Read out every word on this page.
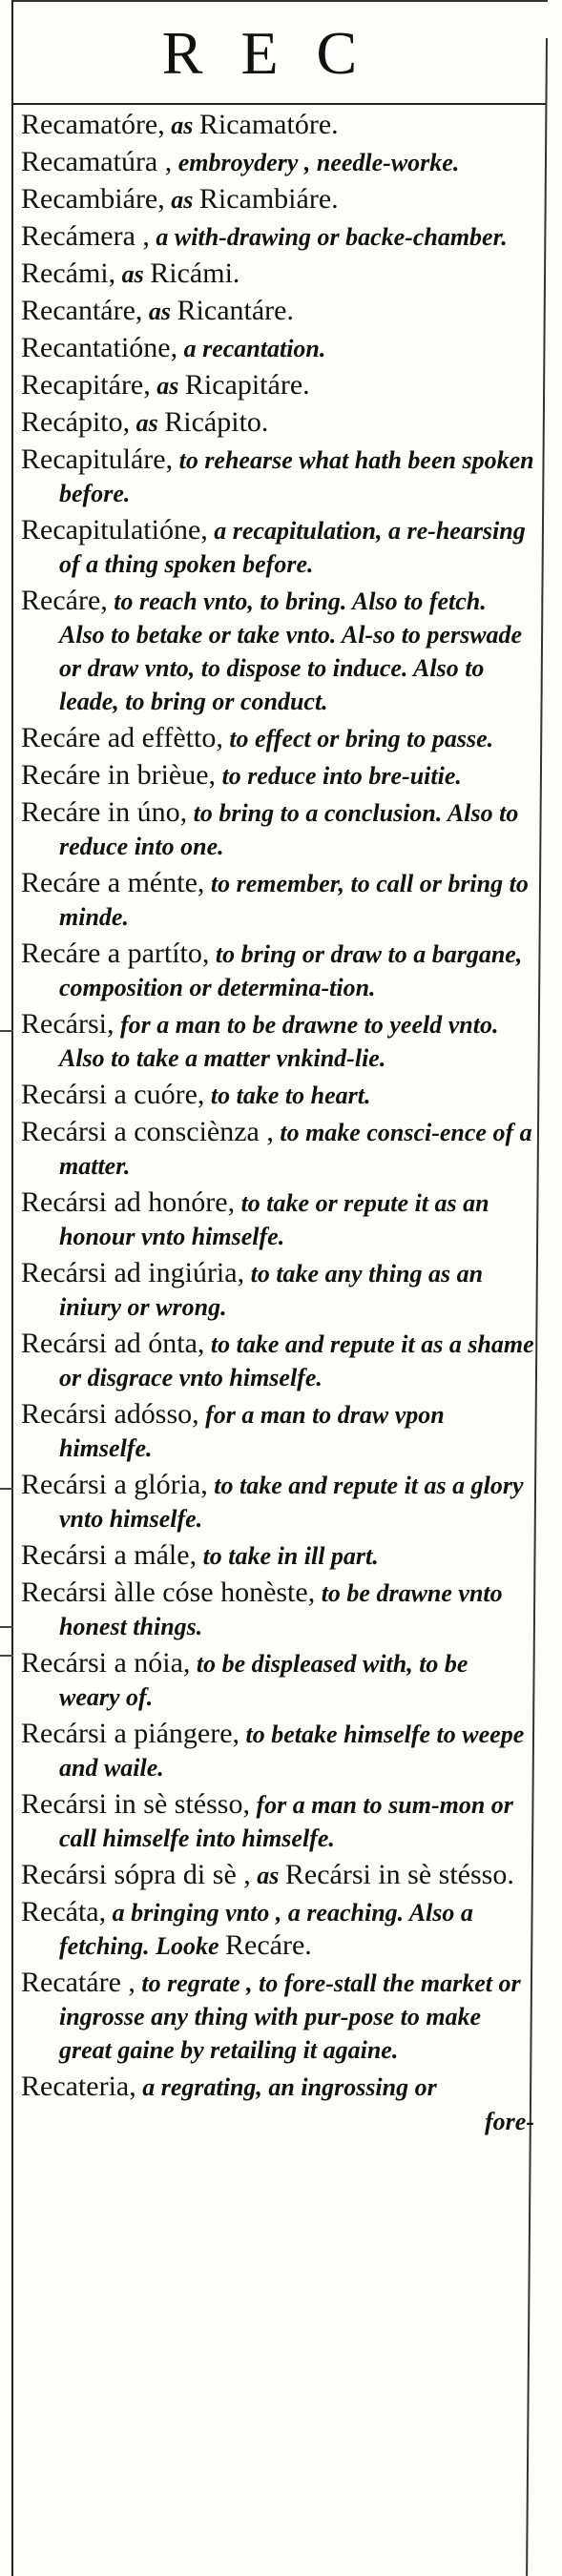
REC
Recamatóre, as Ricamatóre.
Recamatúra , embroydery , needle-worke.
Recambiáre, as Ricambiáre.
Recámera , a with-drawing or backe-chamber.
Recámi, as Ricámi.
Recantáre, as Ricantáre.
Recantatióne, a recantation.
Recapitáre, as Ricapitáre.
Recápito, as Ricápito.
Recapituláre, to rehearse what hath been spoken before.
Recapitulatióne, a recapitulation, a re-hearsing of a thing spoken before.
Recáre, to reach vnto, to bring. Also to fetch. Also to betake or take vnto. Al-so to perswade or draw vnto, to dispose to induce. Also to leade, to bring or conduct.
Recáre ad effètto, to effect or bring to passe.
Recáre in brièue, to reduce into bre-uitie.
Recáre in úno, to bring to a conclusion. Also to reduce into one.
Recáre a ménte, to remember, to call or bring to minde.
Recáre a partíto, to bring or draw to a bargane, composition or determina-tion.
Recársi, for a man to be drawne to yeeld vnto. Also to take a matter vnkind-lie.
Recársi a cuóre, to take to heart.
Recársi a consciènza , to make consci-ence of a matter.
Recársi ad honóre, to take or repute it as an honour vnto himselfe.
Recársi ad ingiúria, to take any thing as an iniury or wrong.
Recársi ad ónta, to take and repute it as a shame or disgrace vnto himselfe.
Recársi adósso, for a man to draw vpon himselfe.
Recársi a glória, to take and repute it as a glory vnto himselfe.
Recársi a mále, to take in ill part.
Recársi àlle cóse honèste, to be drawne vnto honest things.
Recársi a nóia, to be displeased with, to be weary of.
Recársi a piángere, to betake himselfe to weepe and waile.
Recársi in sè stésso, for a man to sum-mon or call himselfe into himselfe.
Recársi sópra di sè , as Recársi in sè stésso.
Recáta, a bringing vnto , a reaching. Also a fetching. Looke Recáre.
Recatáre , to regrate , to fore-stall the market or ingrosse any thing with pur-pose to make great gaine by retailing it againe.
Recateria, a regrating, an ingrossing or
fore-
